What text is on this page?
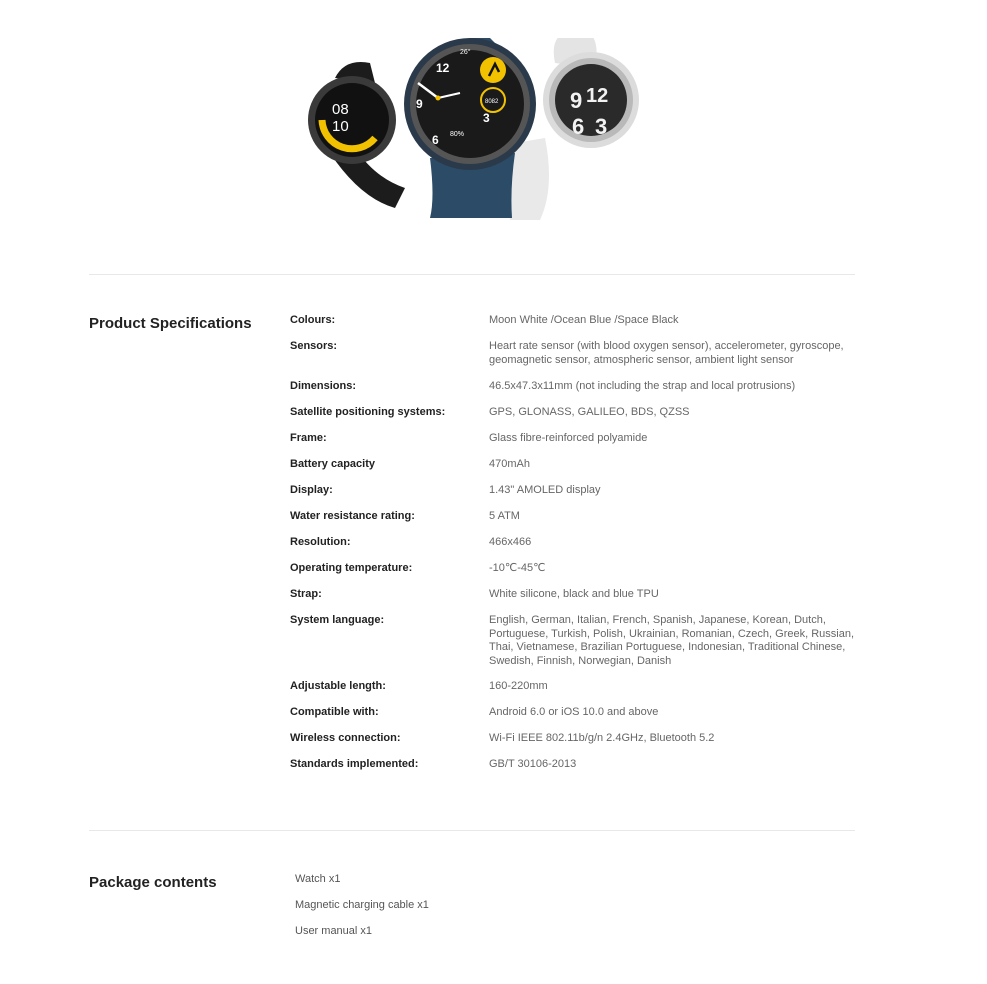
9 12
6 3
08
10
8082
26°
12
3
6
9
80%
Product Specifications	Colours:	Moon White /Ocean Blue /Space Black
Sensors:	Heart rate sensor (with blood oxygen sensor), accelerometer, gyroscope, geomagnetic sensor, atmospheric sensor, ambient light sensor
Dimensions:	46.5x47.3x11mm (not including the strap and local protrusions)
Satellite positioning systems:	GPS, GLONASS, GALILEO, BDS, QZSS
Frame:	Glass fibre-reinforced polyamide
Battery capacity	470mAh
Display:	1.43" AMOLED display
Water resistance rating:	5 ATM
Resolution:	466x466
Operating temperature:	-10℃-45℃
Strap:	White silicone, black and blue TPU
System language:	English, German, Italian, French, Spanish, Japanese, Korean, Dutch, Portuguese, Turkish, Polish, Ukrainian, Romanian, Czech, Greek, Russian, Thai, Vietnamese, Brazilian Portuguese, Indonesian, Traditional Chinese, Swedish, Finnish, Norwegian, Danish
Adjustable length:	160-220mm
Compatible with:	Android 6.0 or iOS 10.0 and above
Wireless connection:	Wi-Fi IEEE 802.11b/g/n 2.4GHz, Bluetooth 5.2
Standards implemented:	GB/T 30106-2013
Package contents	Watch x1
Magnetic charging cable x1
User manual x1
